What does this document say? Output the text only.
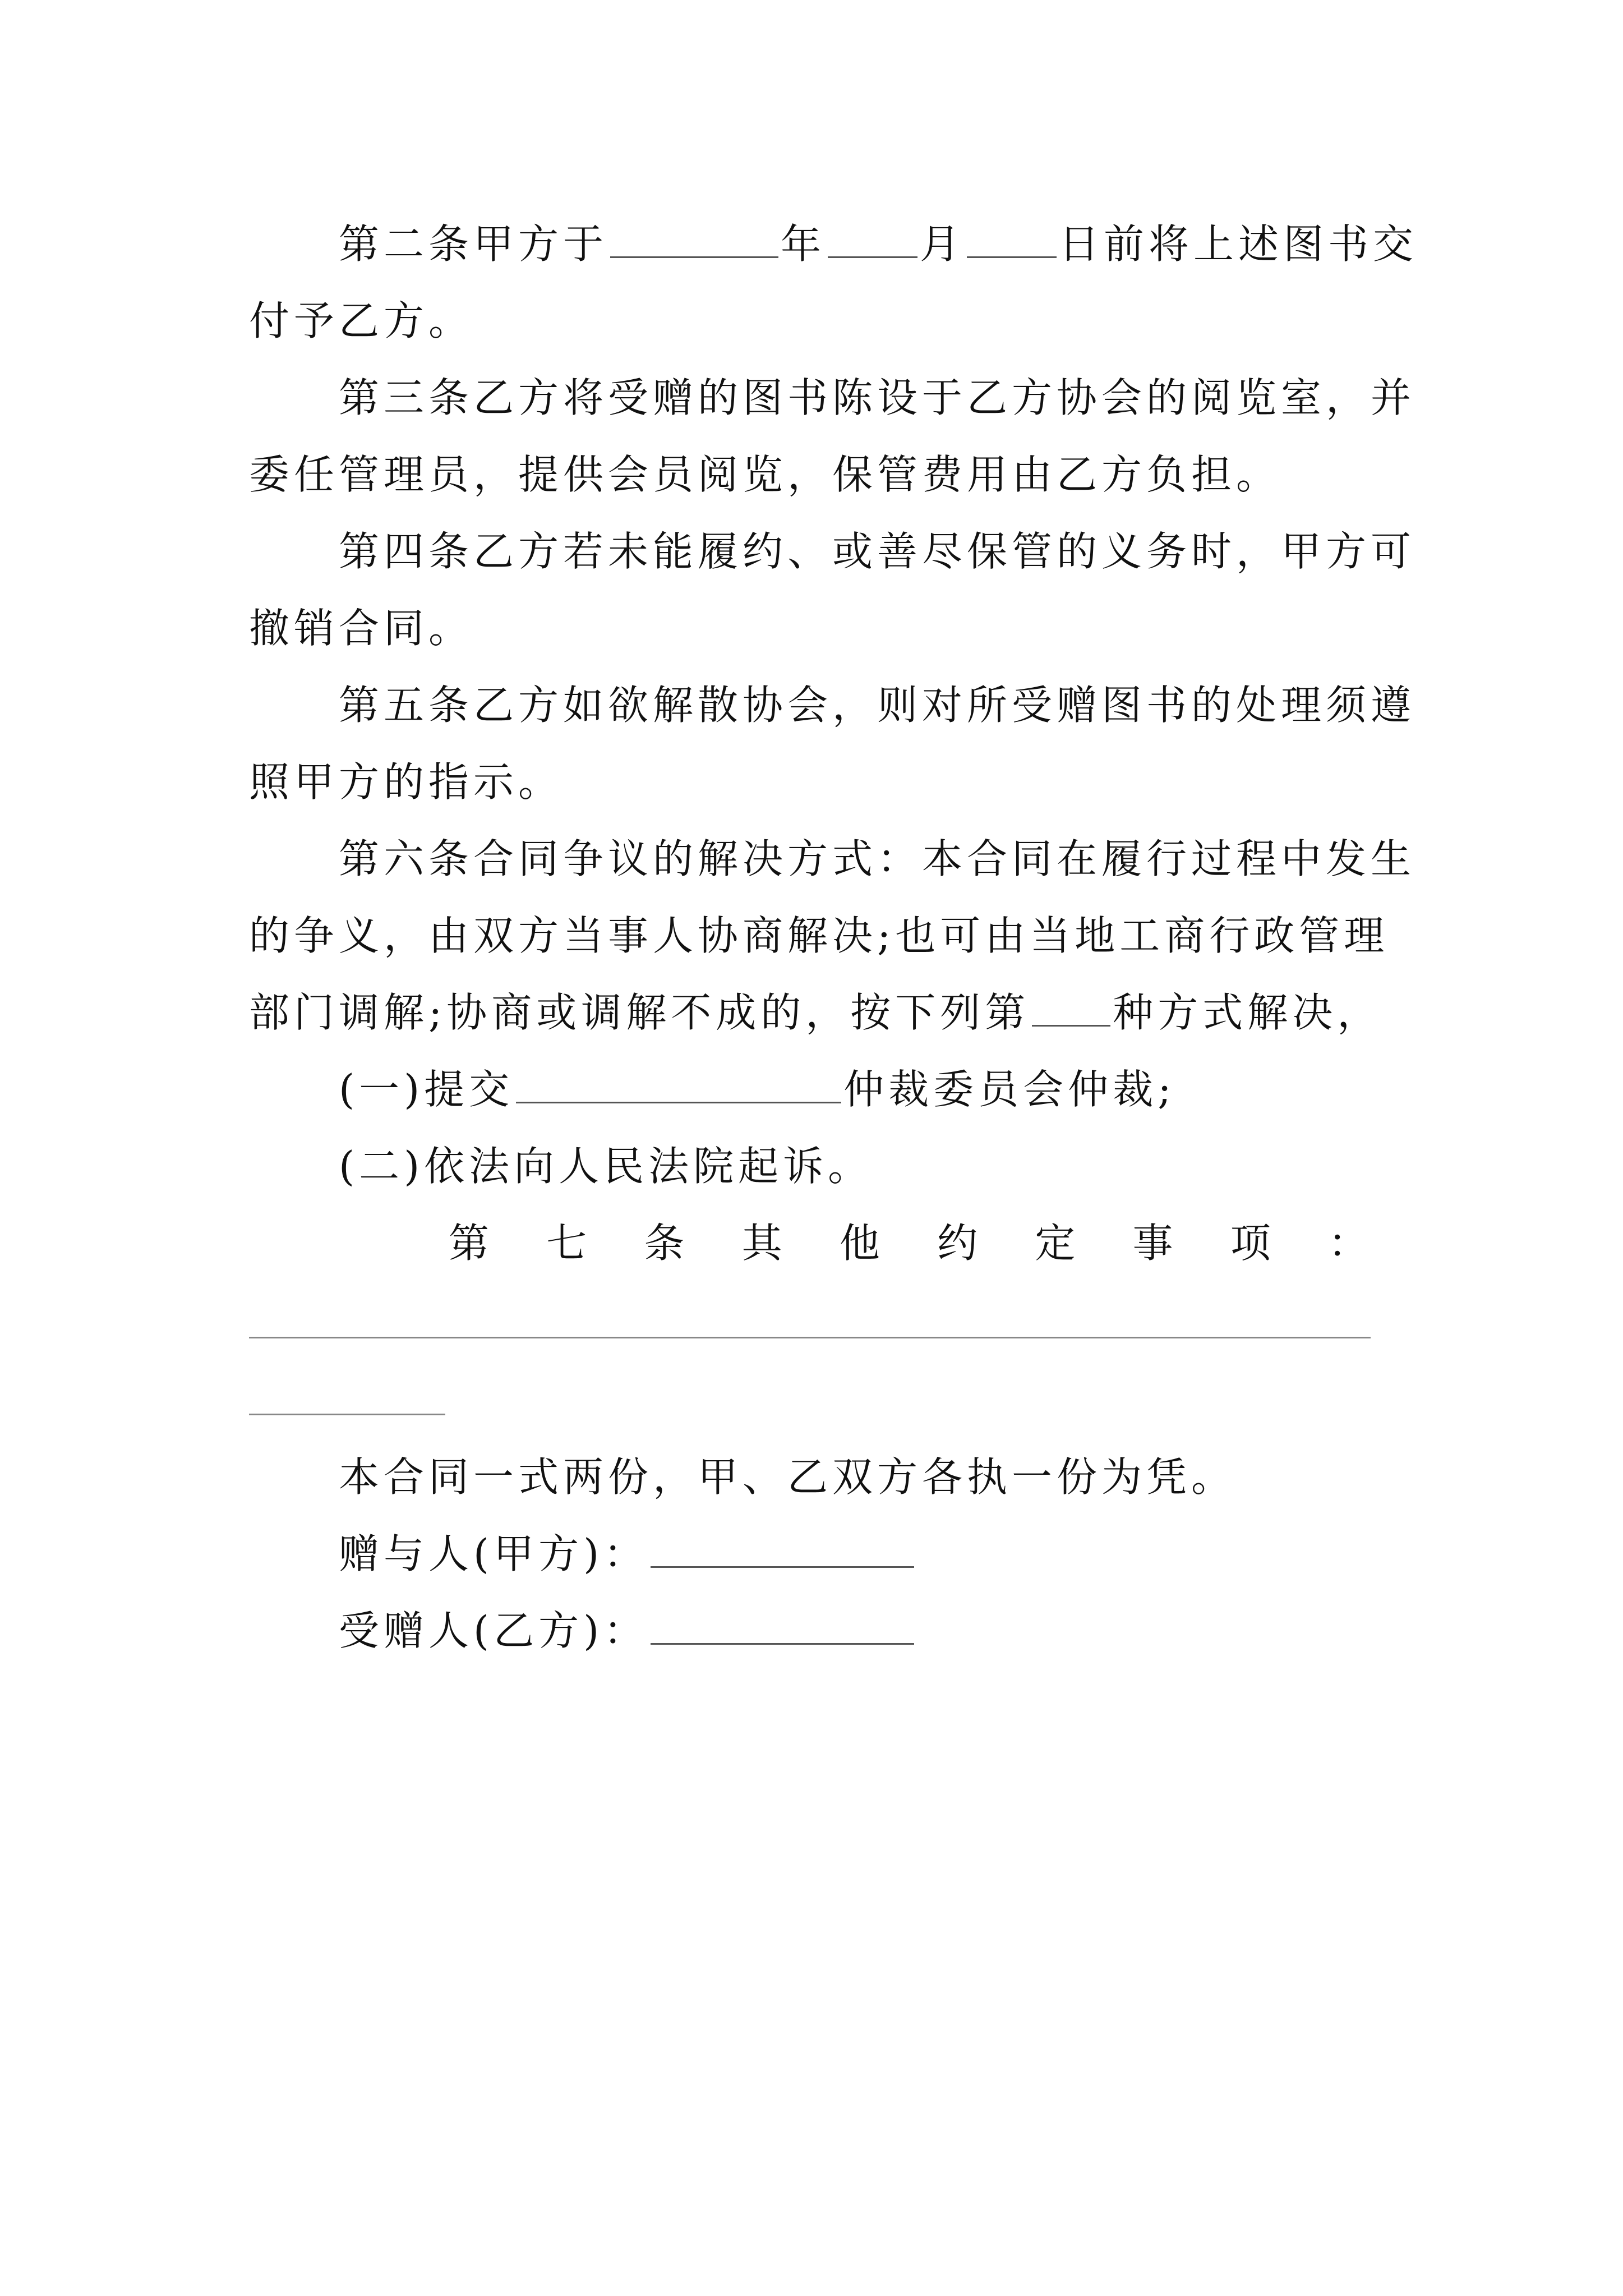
第二条甲方于	年 月 日前将上述图书交
付予乙方。
第三条乙方将受赠的图书陈设于乙方协会的阅览室，并
委任管理员，提供会员阅览，保管费用由乙方负担。
第四条乙方若未能履约、或善尽保管的义务时，甲方可
撤销合同。
第五条乙方如欲解散协会，则对所受赠图书的处理须遵
照甲方的指示。
第六条合同争议的解决方式：本合同在履行过程中发生
的争义，由双方当事人协商解决;也可由当地工商行政管理
部门调解;协商或调解不成的，按下列第 种方式解决，
(一)提交	仲裁委员会仲裁;
(二)依法向人民法院起诉。
第 七 条 其 他 约 定 事 项 ：
本合同一式两份，甲、乙双方各执一份为凭。
赠与人(甲方)：
受赠人(乙方)：
